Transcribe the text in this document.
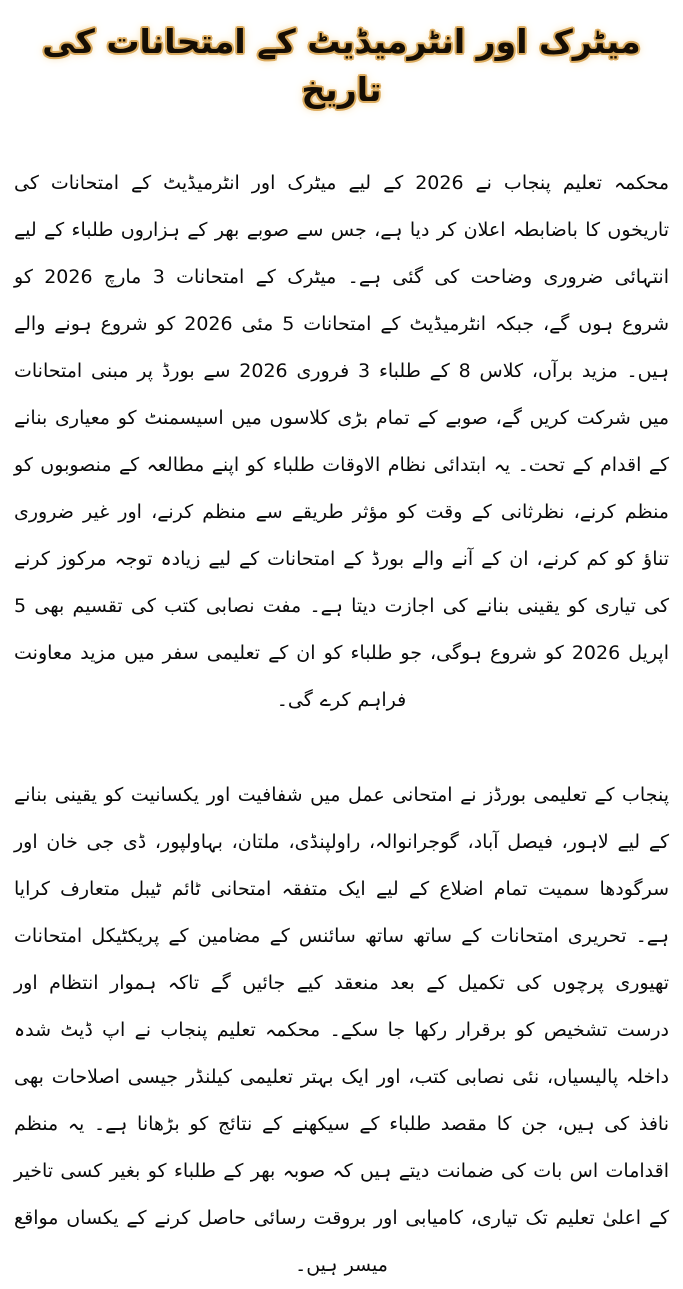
میٹرک اور انٹرمیڈیٹ کے امتحانات کی تاریخ

محکمہ تعلیم پنجاب نے 2026 کے لیے میٹرک اور انٹرمیڈیٹ کے امتحانات کی تاریخوں کا باضابطہ اعلان کر دیا ہے، جس سے صوبے بھر کے ہزاروں طلباء کے لیے انتہائی ضروری وضاحت کی گئی ہے۔ میٹرک کے امتحانات 3 مارچ 2026 کو شروع ہوں گے، جبکہ انٹرمیڈیٹ کے امتحانات 5 مئی 2026 کو شروع ہونے والے ہیں۔ مزید برآں، کلاس 8 کے طلباء 3 فروری 2026 سے بورڈ پر مبنی امتحانات میں شرکت کریں گے، صوبے کے تمام بڑی کلاسوں میں اسیسمنٹ کو معیاری بنانے کے اقدام کے تحت۔ یہ ابتدائی نظام الاوقات طلباء کو اپنے مطالعہ کے منصوبوں کو منظم کرنے، نظرثانی کے وقت کو مؤثر طریقے سے منظم کرنے، اور غیر ضروری تناؤ کو کم کرنے، ان کے آنے والے بورڈ کے امتحانات کے لیے زیادہ توجہ مرکوز کرنے کی تیاری کو یقینی بنانے کی اجازت دیتا ہے۔ مفت نصابی کتب کی تقسیم بھی 5 اپریل 2026 کو شروع ہوگی، جو طلباء کو ان کے تعلیمی سفر میں مزید معاونت فراہم کرے گی۔

پنجاب کے تعلیمی بورڈز نے امتحانی عمل میں شفافیت اور یکسانیت کو یقینی بنانے کے لیے لاہور، فیصل آباد، گوجرانوالہ، راولپنڈی، ملتان، بہاولپور، ڈی جی خان اور سرگودھا سمیت تمام اضلاع کے لیے ایک متفقہ امتحانی ٹائم ٹیبل متعارف کرایا ہے۔ تحریری امتحانات کے ساتھ ساتھ سائنس کے مضامین کے پریکٹیکل امتحانات تھیوری پرچوں کی تکمیل کے بعد منعقد کیے جائیں گے تاکہ ہموار انتظام اور درست تشخیص کو برقرار رکھا جا سکے۔ محکمہ تعلیم پنجاب نے اپ ڈیٹ شدہ داخلہ پالیسیاں، نئی نصابی کتب، اور ایک بہتر تعلیمی کیلنڈر جیسی اصلاحات بھی نافذ کی ہیں، جن کا مقصد طلباء کے سیکھنے کے نتائج کو بڑھانا ہے۔ یہ منظم اقدامات اس بات کی ضمانت دیتے ہیں کہ صوبہ بھر کے طلباء کو بغیر کسی تاخیر کے اعلیٰ تعلیم تک تیاری، کامیابی اور بروقت رسائی حاصل کرنے کے یکساں مواقع میسر ہیں۔
